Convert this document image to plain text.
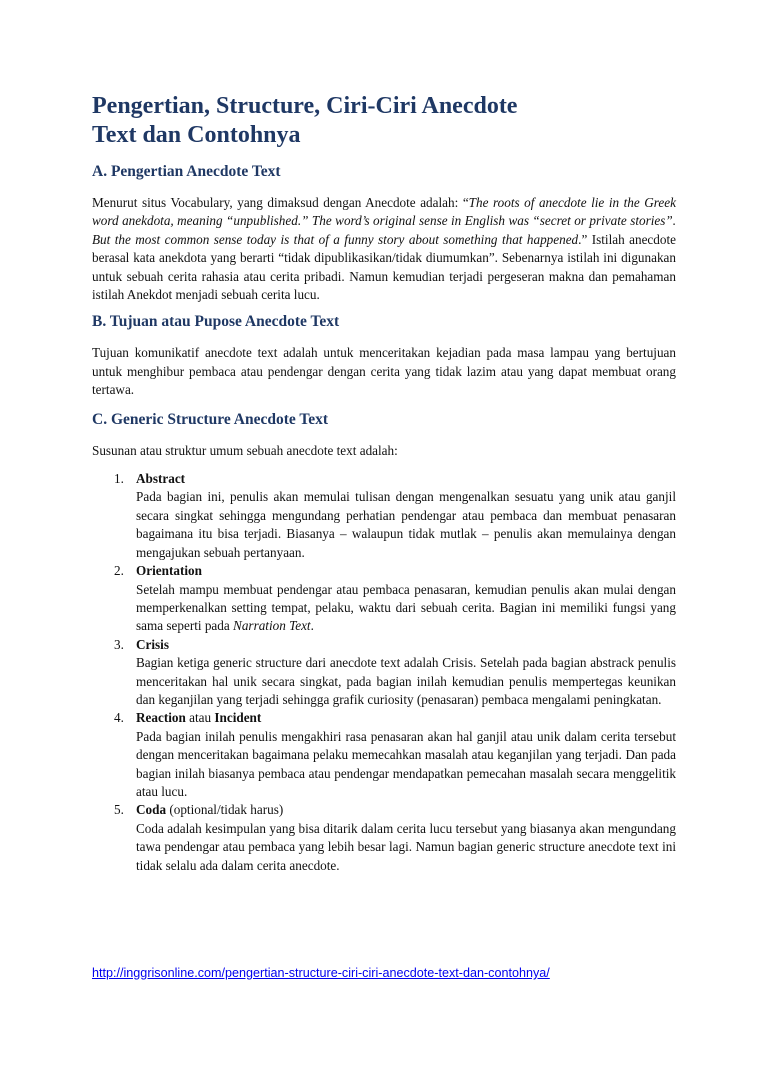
Pengertian, Structure, Ciri-Ciri Anecdote
Text dan Contohnya
A. Pengertian Anecdote Text

Menurut situs Vocabulary, yang dimaksud dengan Anecdote adalah: “The roots of anecdote lie in the Greek word anekdota, meaning “unpublished.” The word’s original sense in English was “secret or private stories”. But the most common sense today is that of a funny story about something that happened.” Istilah anecdote berasal kata anekdota yang berarti “tidak dipublikasikan/tidak diumumkan”. Sebenarnya istilah ini digunakan untuk sebuah cerita rahasia atau cerita pribadi. Namun kemudian terjadi pergeseran makna dan pemahaman istilah Anekdot menjadi sebuah cerita lucu.

B. Tujuan atau Pupose Anecdote Text

Tujuan komunikatif anecdote text adalah untuk menceritakan kejadian pada masa lampau yang bertujuan untuk menghibur pembaca atau pendengar dengan cerita yang tidak lazim atau yang dapat membuat orang tertawa.

C. Generic Structure Anecdote Text

Susunan atau struktur umum sebuah anecdote text adalah:

1. Abstract
Pada bagian ini, penulis akan memulai tulisan dengan mengenalkan sesuatu yang unik atau ganjil secara singkat sehingga mengundang perhatian pendengar atau pembaca dan membuat penasaran bagaimana itu bisa terjadi. Biasanya – walaupun tidak mutlak – penulis akan memulainya dengan mengajukan sebuah pertanyaan.
2. Orientation
Setelah mampu membuat pendengar atau pembaca penasaran, kemudian penulis akan mulai dengan memperkenalkan setting tempat, pelaku, waktu dari sebuah cerita. Bagian ini memiliki fungsi yang sama seperti pada Narration Text.
3. Crisis
Bagian ketiga generic structure dari anecdote text adalah Crisis. Setelah pada bagian abstrack penulis menceritakan hal unik secara singkat, pada bagian inilah kemudian penulis mempertegas keunikan dan keganjilan yang terjadi sehingga grafik curiosity (penasaran) pembaca mengalami peningkatan.
4. Reaction atau Incident
Pada bagian inilah penulis mengakhiri rasa penasaran akan hal ganjil atau unik dalam cerita tersebut dengan menceritakan bagaimana pelaku memecahkan masalah atau keganjilan yang terjadi. Dan pada bagian inilah biasanya pembaca atau pendengar mendapatkan pemecahan masalah secara menggelitik atau lucu.
5. Coda (optional/tidak harus)
Coda adalah kesimpulan yang bisa ditarik dalam cerita lucu tersebut yang biasanya akan mengundang tawa pendengar atau pembaca yang lebih besar lagi. Namun bagian generic structure anecdote text ini tidak selalu ada dalam cerita anecdote.
http://inggrisonline.com/pengertian-structure-ciri-ciri-anecdote-text-dan-contohnya/
